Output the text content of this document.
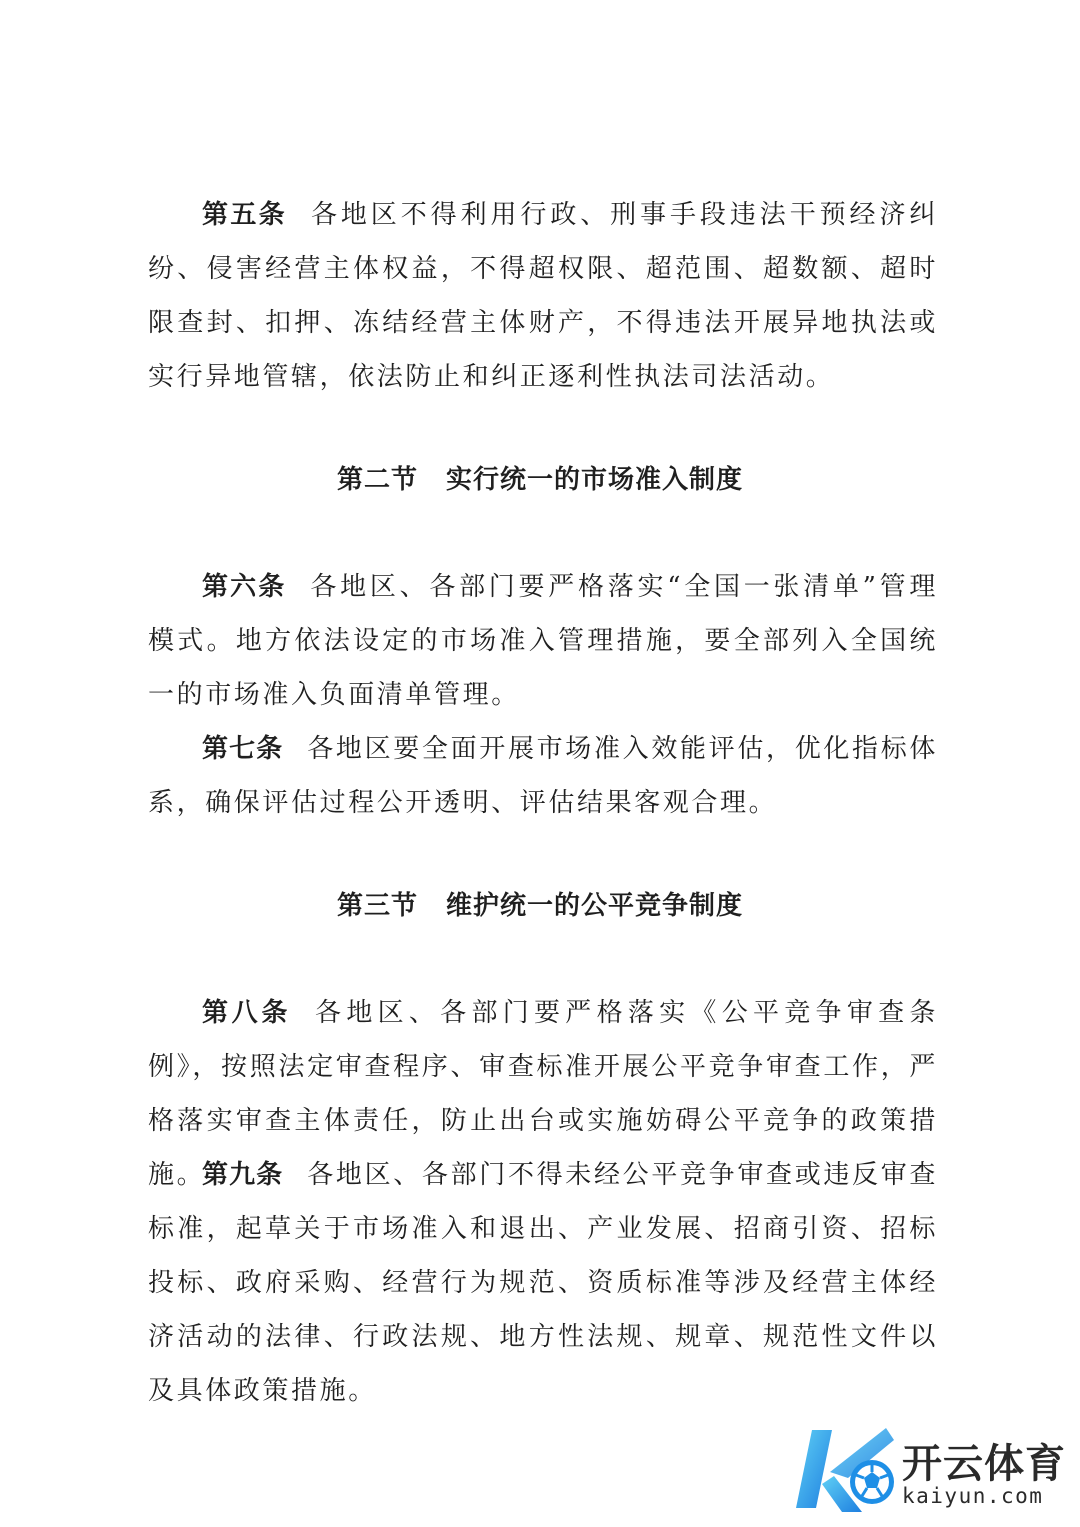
第五条 各地区不得利用行政、刑事手段违法干预经济纠纷、侵害经营主体权益，不得超权限、超范围、超数额、超时限查封、扣押、冻结经营主体财产，不得违法开展异地执法或实行异地管辖，依法防止和纠正逐利性执法司法活动。

第二节 实行统一的市场准入制度

第六条 各地区、各部门要严格落实“全国一张清单”管理模式。地方依法设定的市场准入管理措施，要全部列入全国统一的市场准入负面清单管理。

第七条 各地区要全面开展市场准入效能评估，优化指标体系，确保评估过程公开透明、评估结果客观合理。

第三节 维护统一的公平竞争制度

第八条 各地区、各部门要严格落实《公平竞争审查条例》，按照法定审查程序、审查标准开展公平竞争审查工作，严格落实审查主体责任，防止出台或实施妨碍公平竞争的政策措施。

第九条 各地区、各部门不得未经公平竞争审查或违反审查标准，起草关于市场准入和退出、产业发展、招商引资、招标投标、政府采购、经营行为规范、资质标准等涉及经营主体经济活动的法律、行政法规、地方性法规、规章、规范性文件以及具体政策措施。

开云体育
kaiyun.com
